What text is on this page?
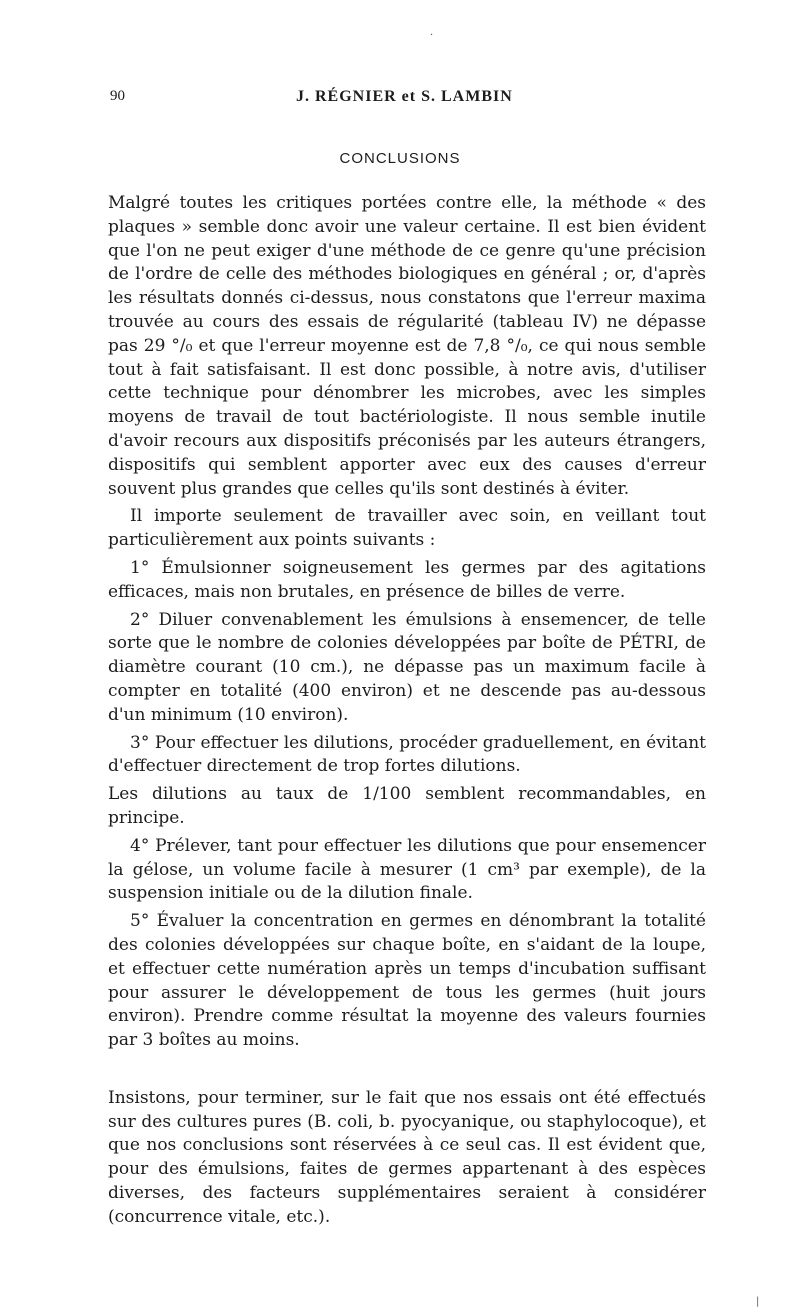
90	J. RÉGNIER et S. LAMBIN
CONCLUSIONS

Malgré toutes les critiques portées contre elle, la méthode « des plaques » semble donc avoir une valeur certaine. Il est bien évident que l'on ne peut exiger d'une méthode de ce genre qu'une précision de l'ordre de celle des méthodes biologiques en général ; or, d'après les résultats donnés ci-dessus, nous constatons que l'erreur maxima trouvée au cours des essais de régularité (tableau IV) ne dépasse pas 29 °/₀ et que l'erreur moyenne est de 7,8 °/₀, ce qui nous semble tout à fait satisfaisant. Il est donc possible, à notre avis, d'utiliser cette technique pour dénombrer les microbes, avec les simples moyens de travail de tout bactériologiste. Il nous semble inutile d'avoir recours aux dispositifs préconisés par les auteurs étrangers, dispositifs qui semblent apporter avec eux des causes d'erreur souvent plus grandes que celles qu'ils sont destinés à éviter.

Il importe seulement de travailler avec soin, en veillant tout particulièrement aux points suivants :

1° Émulsionner soigneusement les germes par des agitations efficaces, mais non brutales, en présence de billes de verre.

2° Diluer convenablement les émulsions à ensemencer, de telle sorte que le nombre de colonies développées par boîte de PÉTRI, de diamètre courant (10 cm.), ne dépasse pas un maximum facile à compter en totalité (400 environ) et ne descende pas au-dessous d'un minimum (10 environ).

3° Pour effectuer les dilutions, procéder graduellement, en évitant d'effectuer directement de trop fortes dilutions.

Les dilutions au taux de 1/100 semblent recommandables, en principe.

4° Prélever, tant pour effectuer les dilutions que pour ensemencer la gélose, un volume facile à mesurer (1 cm³ par exemple), de la suspension initiale ou de la dilution finale.

5° Évaluer la concentration en germes en dénombrant la totalité des colonies développées sur chaque boîte, en s'aidant de la loupe, et effectuer cette numération après un temps d'incubation suffisant pour assurer le développement de tous les germes (huit jours environ). Prendre comme résultat la moyenne des valeurs fournies par 3 boîtes au moins.

Insistons, pour terminer, sur le fait que nos essais ont été effectués sur des cultures pures (B. coli, b. pyocyanique, ou staphylocoque), et que nos conclusions sont réservées à ce seul cas. Il est évident que, pour des émulsions, faites de germes appartenant à des espèces diverses, des facteurs supplémentaires seraient à considérer (concurrence vitale, etc.).

·
|
